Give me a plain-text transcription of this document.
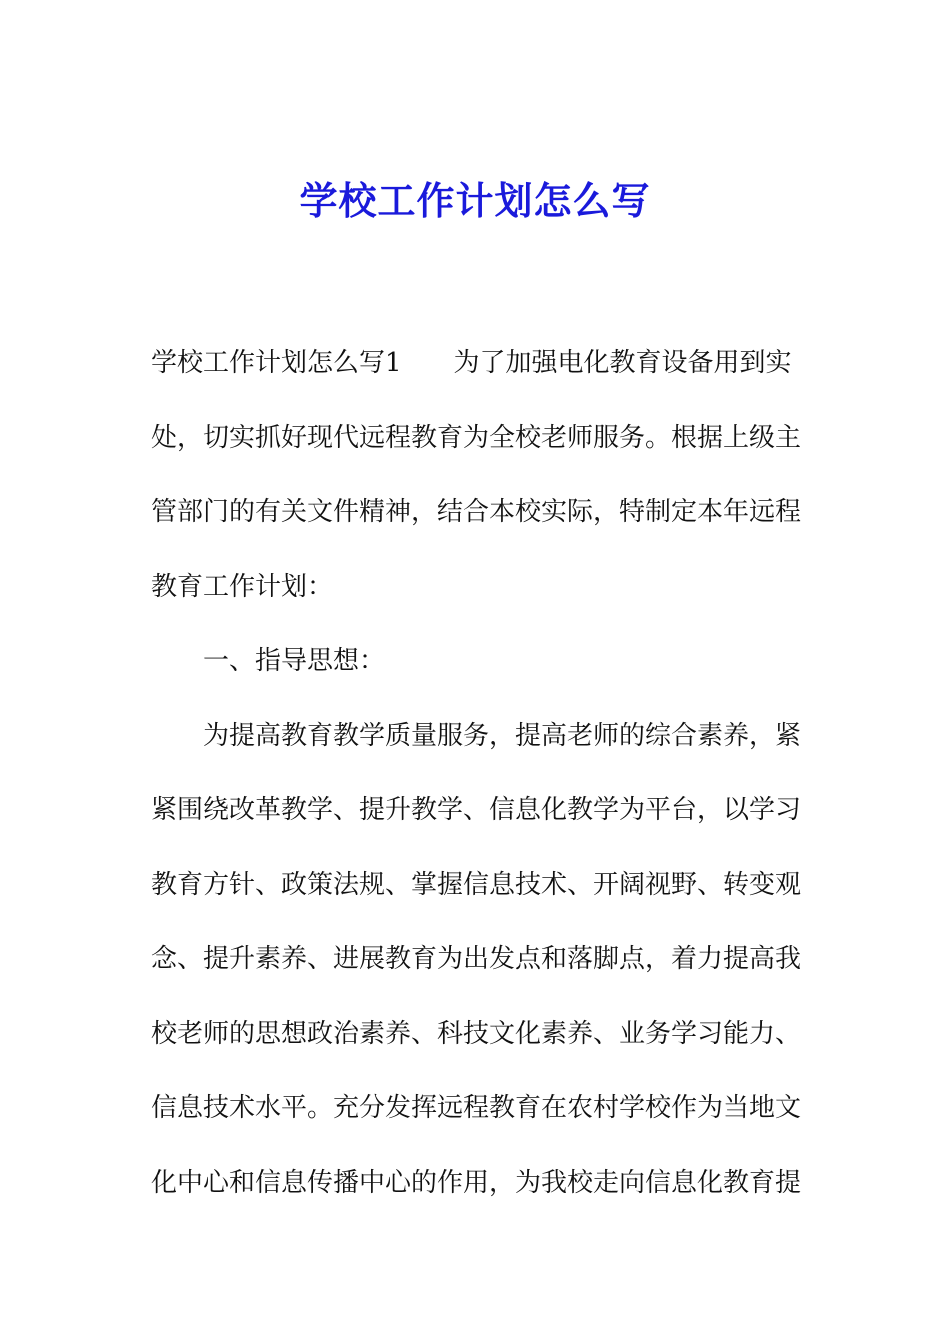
学校工作计划怎么写
学校工作计划怎么写1 为了加强电化教育设备用到实
处，切实抓好现代远程教育为全校老师服务。根据上级主
管部门的有关文件精神，结合本校实际，特制定本年远程
教育工作计划：
一、指导思想：
为提高教育教学质量服务，提高老师的综合素养，紧
紧围绕改革教学、提升教学、信息化教学为平台，以学习
教育方针、政策法规、掌握信息技术、开阔视野、转变观
念、提升素养、进展教育为出发点和落脚点，着力提高我
校老师的思想政治素养、科技文化素养、业务学习能力、
信息技术水平。充分发挥远程教育在农村学校作为当地文
化中心和信息传播中心的作用，为我校走向信息化教育提
